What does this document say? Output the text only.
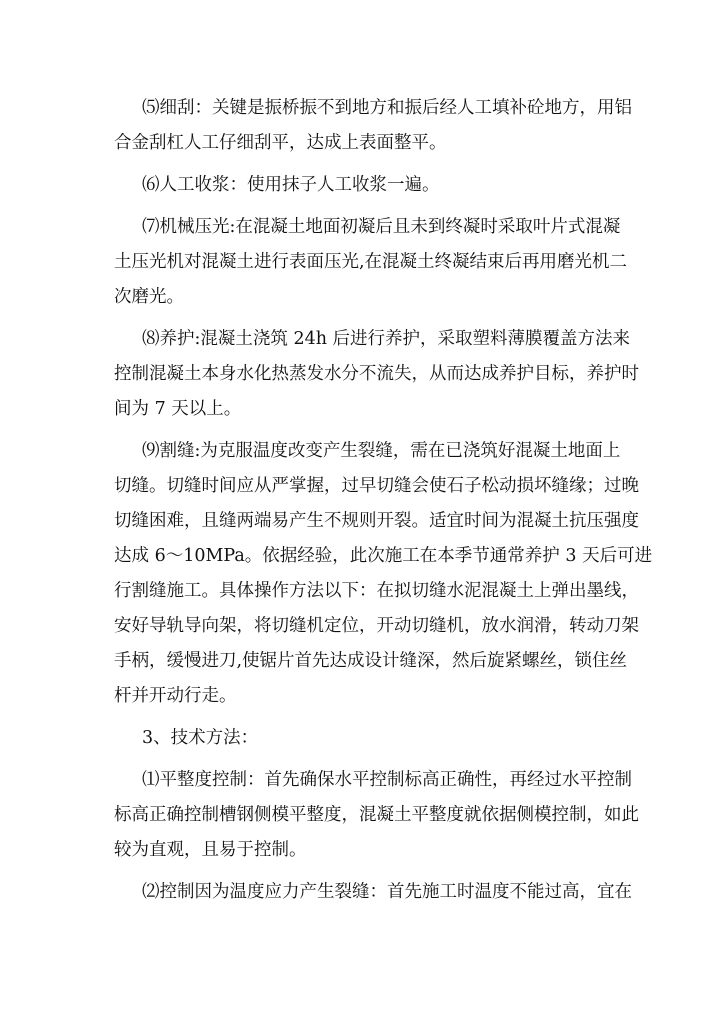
⑸细刮：关键是振桥振不到地方和振后经人工填补砼地方，用铝
合金刮杠人工仔细刮平，达成上表面整平。
⑹人工收浆：使用抹子人工收浆一遍。
⑺机械压光:在混凝土地面初凝后且未到终凝时采取叶片式混凝
土压光机对混凝土进行表面压光,在混凝土终凝结束后再用磨光机二
次磨光。
⑻养护:混凝土浇筑 24h 后进行养护，采取塑料薄膜覆盖方法来
控制混凝土本身水化热蒸发水分不流失，从而达成养护目标，养护时
间为 7 天以上。
⑼割缝:为克服温度改变产生裂缝，需在已浇筑好混凝土地面上
切缝。切缝时间应从严掌握，过早切缝会使石子松动损坏缝缘；过晚
切缝困难，且缝两端易产生不规则开裂。适宜时间为混凝土抗压强度
达成 6～10MPa。依据经验，此次施工在本季节通常养护 3 天后可进
行割缝施工。具体操作方法以下：在拟切缝水泥混凝土上弹出墨线，
安好导轨导向架，将切缝机定位，开动切缝机，放水润滑，转动刀架
手柄，缓慢进刀,使锯片首先达成设计缝深，然后旋紧螺丝，锁住丝
杆并开动行走。
3、技术方法：
⑴平整度控制：首先确保水平控制标高正确性，再经过水平控制
标高正确控制槽钢侧模平整度，混凝土平整度就依据侧模控制，如此
较为直观，且易于控制。
⑵控制因为温度应力产生裂缝：首先施工时温度不能过高，宜在
